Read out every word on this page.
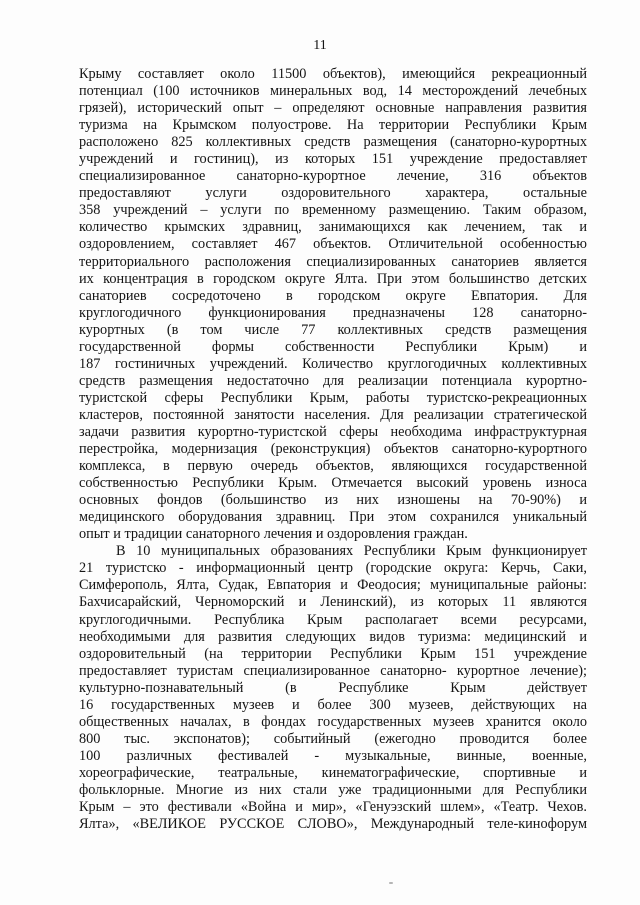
11
Крыму составляет около 11500 объектов), имеющийся рекреационный
потенциал (100 источников минеральных вод, 14 месторождений лечебных
грязей), исторический опыт – определяют основные направления развития
туризма на Крымском полуострове. На территории Республики Крым
расположено 825 коллективных средств размещения (санаторно-курортных
учреждений и гостиниц), из которых 151 учреждение предоставляет
специализированное санаторно-курортное лечение, 316 объектов
предоставляют услуги оздоровительного характера, остальные
358 учреждений – услуги по временному размещению. Таким образом,
количество крымских здравниц, занимающихся как лечением, так и
оздоровлением, составляет 467 объектов. Отличительной особенностью
территориального расположения специализированных санаториев является
их концентрация в городском округе Ялта. При этом большинство детских
санаториев сосредоточено в городском округе Евпатория. Для
круглогодичного функционирования предназначены 128 санаторно-
курортных (в том числе 77 коллективных средств размещения
государственной формы собственности Республики Крым) и
187 гостиничных учреждений. Количество круглогодичных коллективных
средств размещения недостаточно для реализации потенциала курортно-
туристской сферы Республики Крым, работы туристско-рекреационных
кластеров, постоянной занятости населения. Для реализации стратегической
задачи развития курортно-туристской сферы необходима инфраструктурная
перестройка, модернизация (реконструкция) объектов санаторно-курортного
комплекса, в первую очередь объектов, являющихся государственной
собственностью Республики Крым. Отмечается высокий уровень износа
основных фондов (большинство из них изношены на 70-90%) и
медицинского оборудования здравниц. При этом сохранился уникальный
опыт и традиции санаторного лечения и оздоровления граждан.
В 10 муниципальных образованиях Республики Крым функционирует
21 туристско - информационный центр (городские округа: Керчь, Саки,
Симферополь, Ялта, Судак, Евпатория и Феодосия; муниципальные районы:
Бахчисарайский, Черноморский и Ленинский), из которых 11 являются
круглогодичными. Республика Крым располагает всеми ресурсами,
необходимыми для развития следующих видов туризма: медицинский и
оздоровительный (на территории Республики Крым 151 учреждение
предоставляет туристам специализированное санаторно- курортное лечение);
культурно-познавательный (в Республике Крым действует
16 государственных музеев и более 300 музеев, действующих на
общественных началах, в фондах государственных музеев хранится около
800 тыс. экспонатов); событийный (ежегодно проводится более
100 различных фестивалей - музыкальные, винные, военные,
хореографические, театральные, кинематографические, спортивные и
фольклорные. Многие из них стали уже традиционными для Республики
Крым – это фестивали «Война и мир», «Генуэзский шлем», «Театр. Чехов.
Ялта», «ВЕЛИКОЕ РУССКОЕ СЛОВО», Международный теле-кинофорум
